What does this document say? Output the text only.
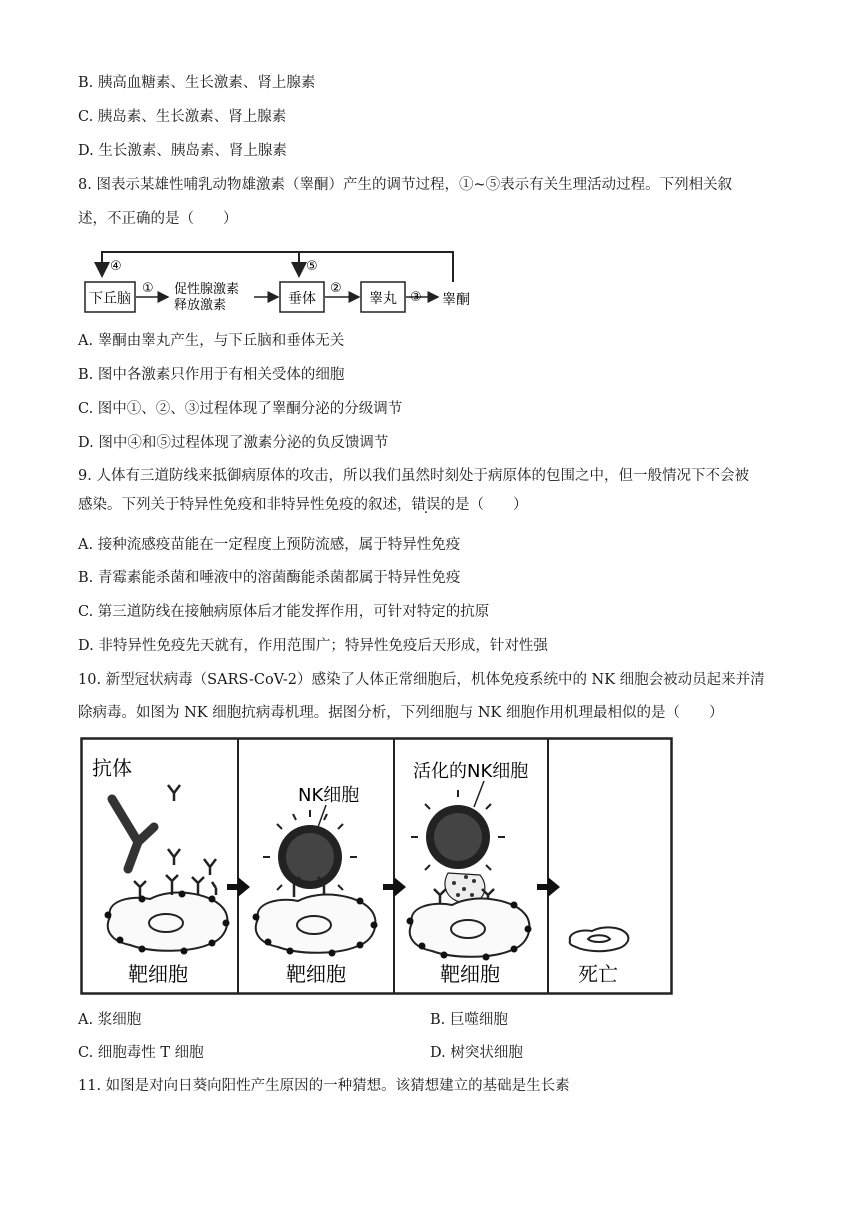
B. 胰高血糖素、生长激素、肾上腺素
C. 胰岛素、生长激素、肾上腺素
D. 生长激素、胰岛素、肾上腺素
8. 图表示某雄性哺乳动物雄激素（睾酮）产生的调节过程，①~⑤表示有关生理活动过程。下列相关叙
述，不正确的是（　　）
下丘脑	垂体	睾丸
①	②
③
④	⑤
促性腺激素
释放激素	睾酮
A. 睾酮由睾丸产生，与下丘脑和垂体无关
B. 图中各激素只作用于有相关受体的细胞
C. 图中①、②、③过程体现了睾酮分泌的分级调节
D. 图中④和⑤过程体现了激素分泌的负反馈调节
9. 人体有三道防线来抵御病原体的攻击，所以我们虽然时刻处于病原体的包围之中，但一般情况下不会被
感染。下列关于特异性免疫和非特异性免疫的叙述，错误的是（　　）
A. 接种流感疫苗能在一定程度上预防流感，属于特异性免疫
B. 青霉素能杀菌和唾液中的溶菌酶能杀菌都属于特异性免疫
C. 第三道防线在接触病原体后才能发挥作用，可针对特定的抗原
D. 非特异性免疫先天就有，作用范围广；特异性免疫后天形成，针对性强
10. 新型冠状病毒（SARS-CoV-2）感染了人体正常细胞后，机体免疫系统中的 NK 细胞会被动员起来并清
除病毒。如图为 NK 细胞抗病毒机理。据图分析，下列细胞与 NK 细胞作用机理最相似的是（　　）
抗体
靶细胞
NK细胞
靶细胞
活化的NK细胞
靶细胞	死亡
A. 浆细胞	B. 巨噬细胞
C. 细胞毒性 T 细胞	D. 树突状细胞
11. 如图是对向日葵向阳性产生原因的一种猜想。该猜想建立的基础是生长素
